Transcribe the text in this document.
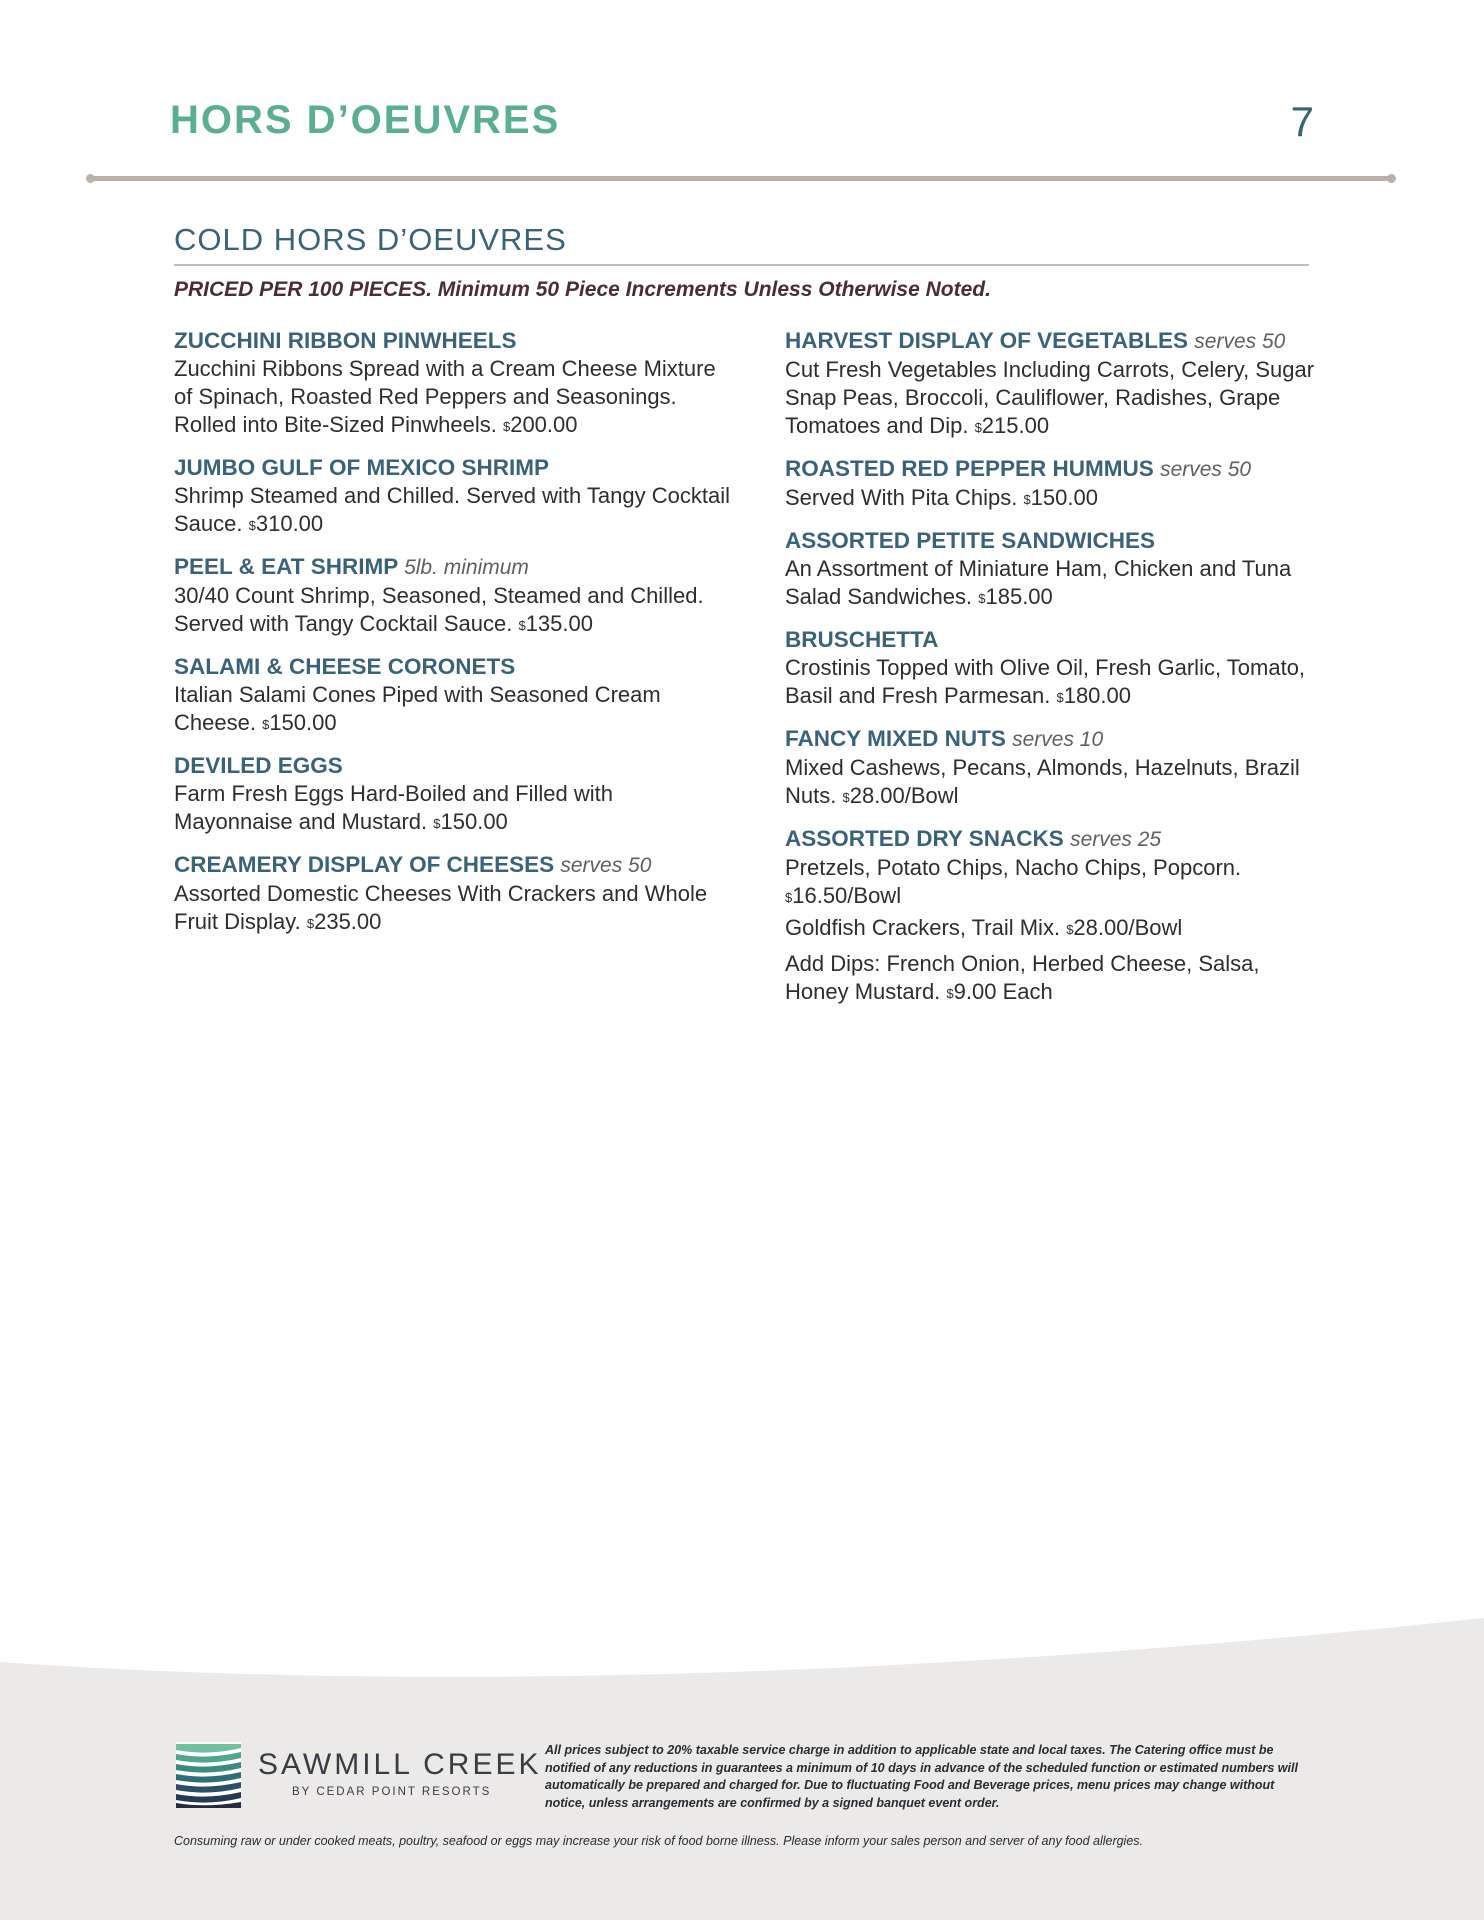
HORS D’OEUVRES	7
COLD HORS D’OEUVRES

PRICED PER 100 PIECES. Minimum 50 Piece Increments Unless Otherwise Noted.

ZUCCHINI RIBBON PINWHEELS
Zucchini Ribbons Spread with a Cream Cheese Mixture of Spinach, Roasted Red Peppers and Seasonings. Rolled into Bite-Sized Pinwheels. $200.00
JUMBO GULF OF MEXICO SHRIMP
Shrimp Steamed and Chilled. Served with Tangy Cocktail Sauce. $310.00
PEEL & EAT SHRIMP 5lb. minimum
30/40 Count Shrimp, Seasoned, Steamed and Chilled. Served with Tangy Cocktail Sauce. $135.00
SALAMI & CHEESE CORONETS
Italian Salami Cones Piped with Seasoned Cream Cheese. $150.00
DEVILED EGGS
Farm Fresh Eggs Hard-Boiled and Filled with Mayonnaise and Mustard. $150.00
CREAMERY DISPLAY OF CHEESES serves 50
Assorted Domestic Cheeses With Crackers and Whole Fruit Display. $235.00
HARVEST DISPLAY OF VEGETABLES serves 50
Cut Fresh Vegetables Including Carrots, Celery, Sugar Snap Peas, Broccoli, Cauliflower, Radishes, Grape Tomatoes and Dip. $215.00
ROASTED RED PEPPER HUMMUS serves 50
Served With Pita Chips. $150.00
ASSORTED PETITE SANDWICHES
An Assortment of Miniature Ham, Chicken and Tuna Salad Sandwiches. $185.00
BRUSCHETTA
Crostinis Topped with Olive Oil, Fresh Garlic, Tomato, Basil and Fresh Parmesan. $180.00
FANCY MIXED NUTS serves 10
Mixed Cashews, Pecans, Almonds, Hazelnuts, Brazil Nuts. $28.00/Bowl
ASSORTED DRY SNACKS serves 25
Pretzels, Potato Chips, Nacho Chips, Popcorn.
$16.50/Bowl
Goldfish Crackers, Trail Mix. $28.00/Bowl
Add Dips: French Onion, Herbed Cheese, Salsa, Honey Mustard. $9.00 Each
SAWMILL CREEK
BY CEDAR POINT RESORTS

All prices subject to 20% taxable service charge in addition to applicable state and local taxes. The Catering office must be notified of any reductions in guarantees a minimum of 10 days in advance of the scheduled function or estimated numbers will automatically be prepared and charged for. Due to fluctuating Food and Beverage prices, menu prices may change without notice, unless arrangements are confirmed by a signed banquet event order.

Consuming raw or under cooked meats, poultry, seafood or eggs may increase your risk of food borne illness. Please inform your sales person and server of any food allergies.
